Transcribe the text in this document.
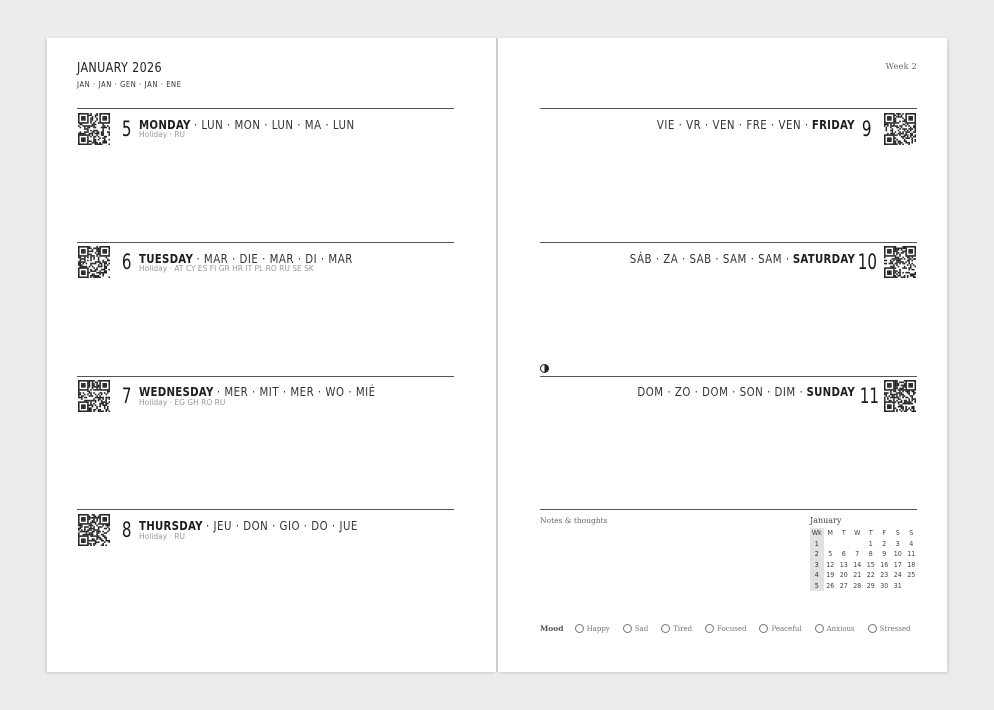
JANUARY 2026
JAN · JAN · GEN · JAN · ENE
5 MONDAY · LUN · MON · LUN · MA · LUN
Holiday · RU
6 TUESDAY · MAR · DIE · MAR · DI · MAR
Holiday · AT CY ES FI GR HR IT PL RO RU SE SK
7 WEDNESDAY · MER · MIT · MER · WO · MIÉ
Holiday · EG GH RO RU
8 THURSDAY · JEU · DON · GIO · DO · JUE
Holiday · RU
Week 2
9
VIE · VR · VEN · FRE · VEN · FRIDAY
10
SÁB · ZA · SAB · SAM · SAM · SATURDAY
11
DOM · ZO · DOM · SON · DIM · SUNDAY
Notes & thoughts	January
Wk	M	T	W	T	F	S	S
1				1	2	3	4
2	5	6	7	8	9	10	11
3	12	13	14	15	16	17	18
4	19	20	21	22	23	24	25
5	26	27	28	29	30	31	
Mood	Happy	Sad	Tired	Focused	Peaceful	Anxious	Stressed
